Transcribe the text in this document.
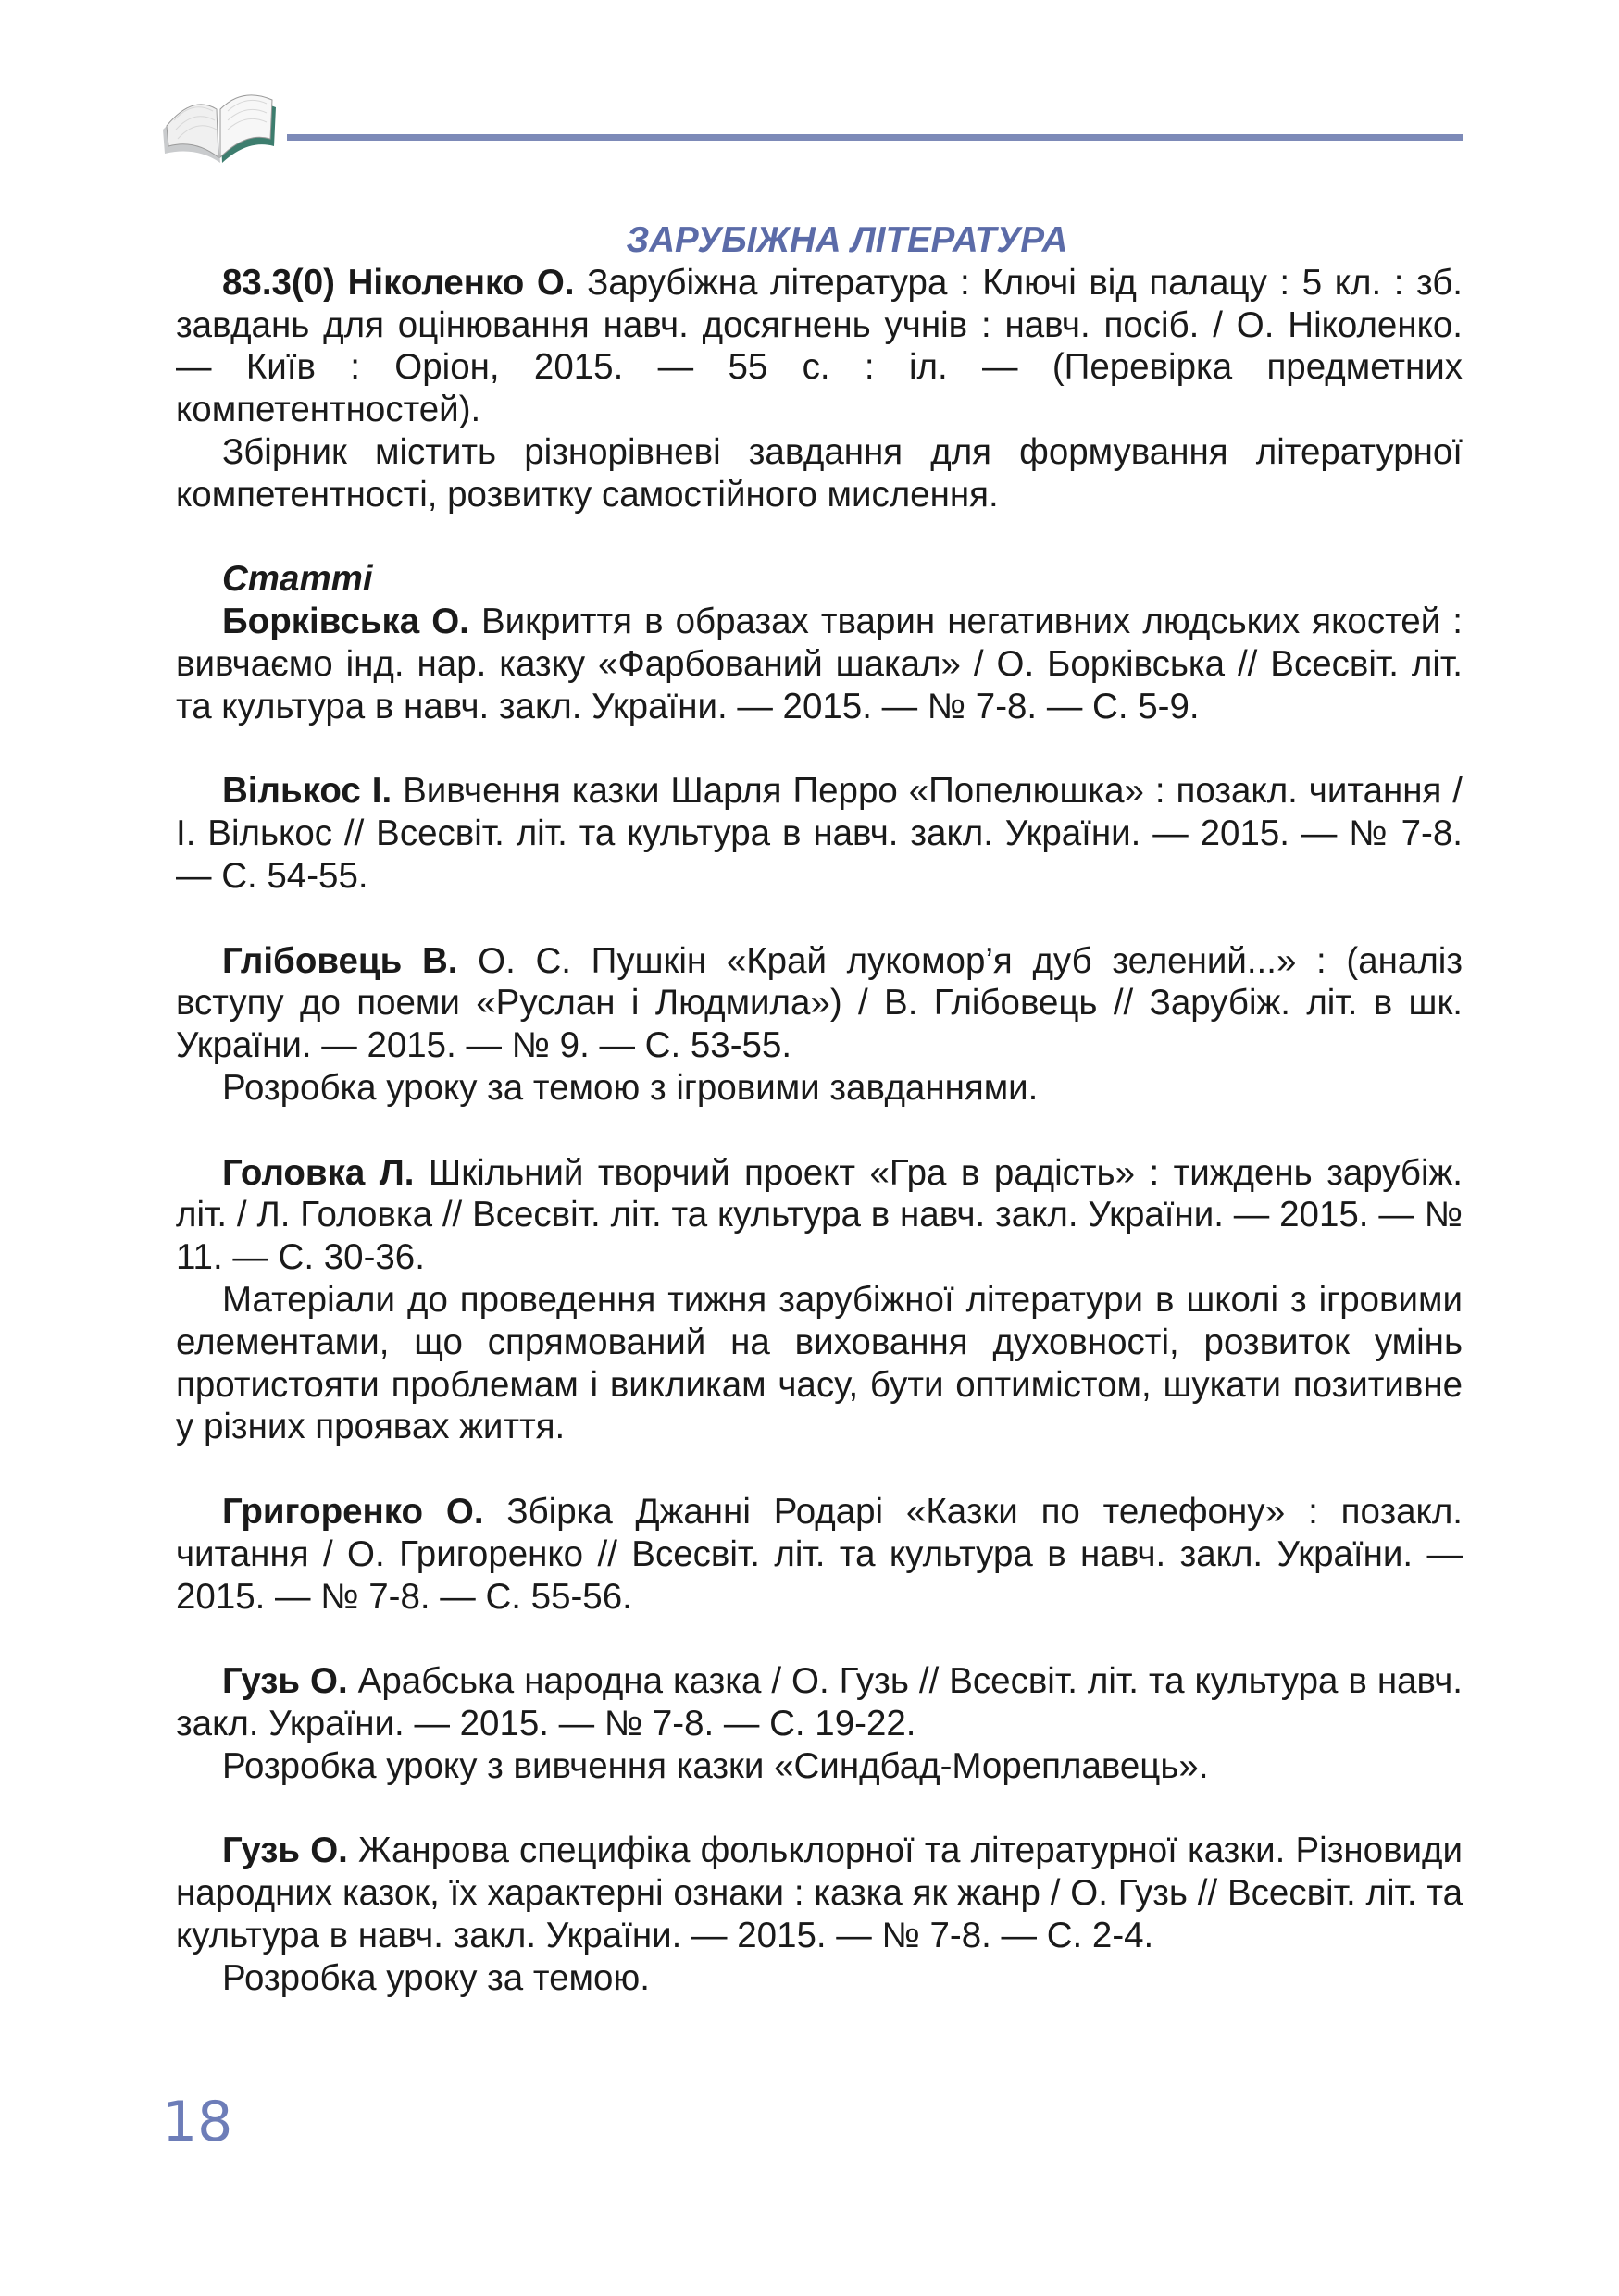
ЗАРУБІЖНА ЛІТЕРАТУРА

83.3(0) Ніколенко О. Зарубіжна література : Ключі від палацу : 5 кл. : зб. завдань для оцінювання навч. досягнень учнів : навч. посіб. / О. Ніколенко. — Київ : Оріон, 2015. — 55 с. : іл. — (Перевірка предметних компетентностей).

Збірник містить різнорівневі завдання для формування літературної компетентності, розвитку самостійного мислення.

Статті

Борківська О. Викриття в образах тварин негативних людських якостей : вивчаємо інд. нар. казку «Фарбований шакал» / О. Борківська // Всесвіт. літ. та культура в навч. закл. України. — 2015. — № 7-8. — С. 5-9.

Вількос І. Вивчення казки Шарля Перро «Попелюшка» : позакл. читання / І. Вількос // Всесвіт. літ. та культура в навч. закл. України. — 2015. — № 7-8. — С. 54-55.

Глібовець В. О. С. Пушкін «Край лукомор’я дуб зелений...» : (аналіз вступу до поеми «Руслан і Людмила») / В. Глібовець // Зарубіж. літ. в шк. України. — 2015. — № 9. — С. 53-55.

Розробка уроку за темою з ігровими завданнями.

Головка Л. Шкільний творчий проект «Гра в радість» : тиждень зарубіж. літ. / Л. Головка // Всесвіт. літ. та культура в навч. закл. України. — 2015. — № 11. — С. 30-36.

Матеріали до проведення тижня зарубіжної літератури в школі з ігровими елементами, що спрямований на виховання духовності, розвиток умінь протистояти проблемам і викликам часу, бути оптимістом, шукати позитивне у різних проявах життя.

Григоренко О. Збірка Джанні Родарі «Казки по телефону» : позакл. читання / О. Григоренко // Всесвіт. літ. та культура в навч. закл. України. — 2015. — № 7-8. — С. 55-56.

Гузь О. Арабська народна казка / О. Гузь // Всесвіт. літ. та культура в навч. закл. України. — 2015. — № 7-8. — С. 19-22.

Розробка уроку з вивчення казки «Синдбад-Мореплавець».

Гузь О. Жанрова специфіка фольклорної та літературної казки. Різновиди народних казок, їх характерні ознаки : казка як жанр / О. Гузь // Всесвіт. літ. та культура в навч. закл. України. — 2015. — № 7-8. — С. 2-4.

Розробка уроку за темою.

18
